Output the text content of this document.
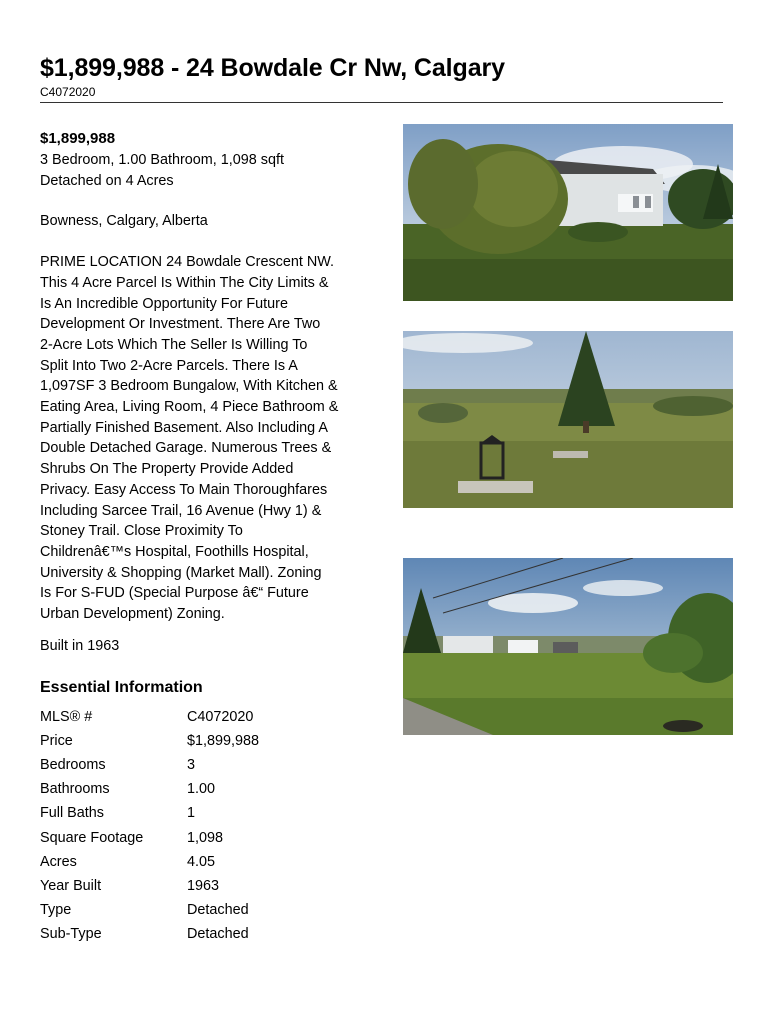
$1,899,988 - 24 Bowdale Cr Nw, Calgary
C4072020

$1,899,988

3 Bedroom, 1.00 Bathroom, 1,098 sqft

Detached on 4 Acres

Bowness, Calgary, Alberta

PRIME LOCATION 24 Bowdale Crescent NW.
This 4 Acre Parcel Is Within The City Limits &
Is An Incredible Opportunity For Future
Development Or Investment. There Are Two
2-Acre Lots Which The Seller Is Willing To
Split Into Two 2-Acre Parcels. There Is A
1,097SF 3 Bedroom Bungalow, With Kitchen &
Eating Area, Living Room, 4 Piece Bathroom &
Partially Finished Basement. Also Including A
Double Detached Garage. Numerous Trees &
Shrubs On The Property Provide Added
Privacy. Easy Access To Main Thoroughfares
Including Sarcee Trail, 16 Avenue (Hwy 1) &
Stoney Trail. Close Proximity To
Childrenâ€™s Hospital, Foothills Hospital,
University & Shopping (Market Mall). Zoning
Is For S-FUD (Special Purpose â€“ Future
Urban Development) Zoning.

Built in 1963

Essential Information
MLS® #	C4072020
Price	$1,899,988
Bedrooms	3
Bathrooms	1.00
Full Baths	1
Square Footage	1,098
Acres	4.05
Year Built	1963
Type	Detached
Sub-Type	Detached
